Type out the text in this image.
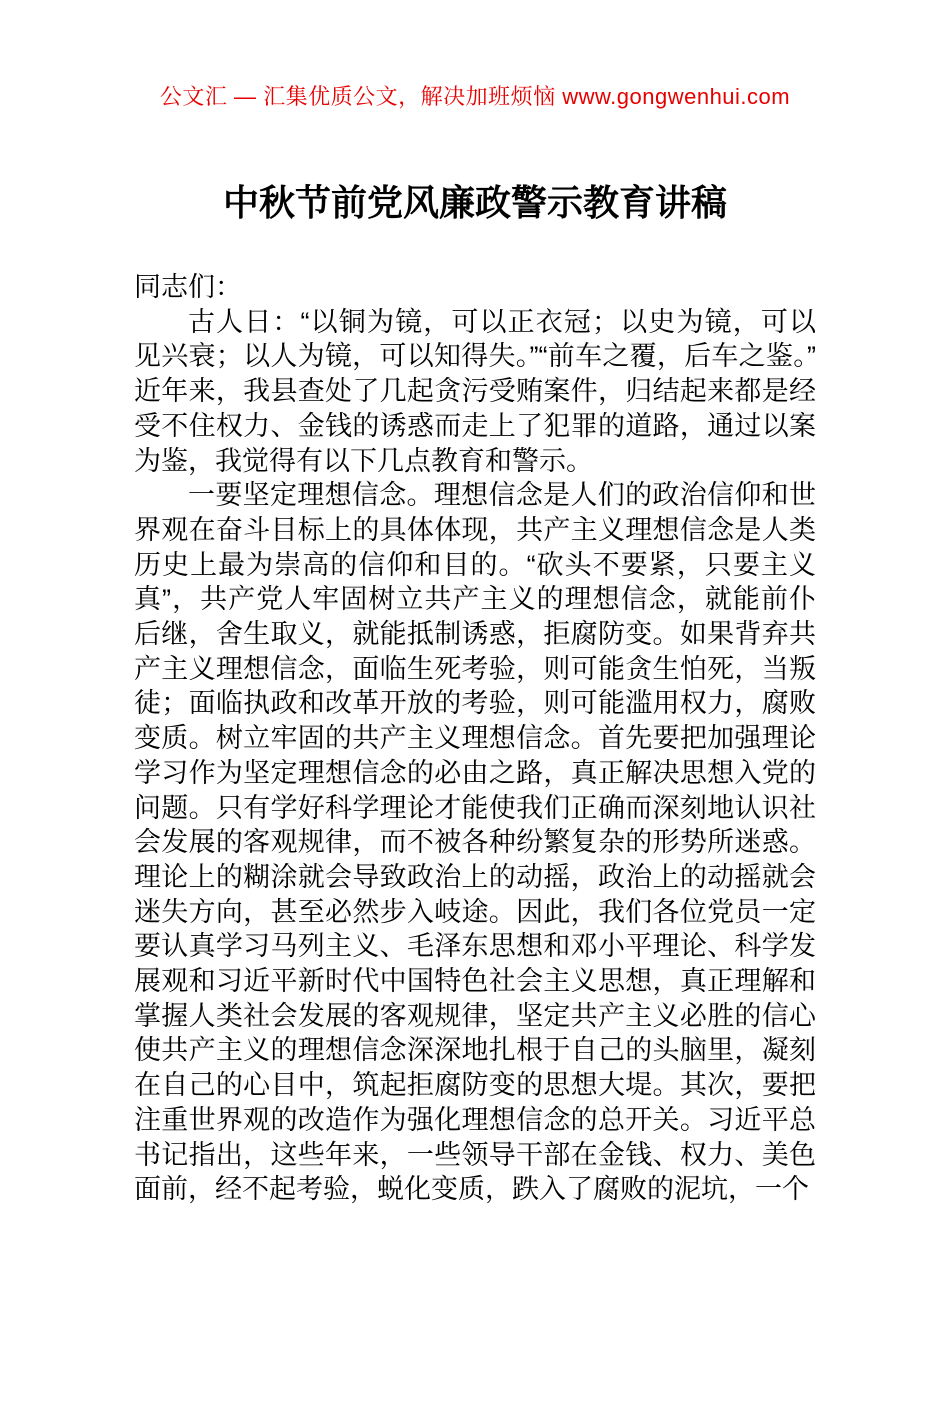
公文汇 — 汇集优质公文，解决加班烦恼 www.gongwenhui.com
中秋节前党风廉政警示教育讲稿

同志们：

古人日：“以铜为镜，可以正衣冠；以史为镜，可以见兴衰；以人为镜，可以知得失。”“前车之覆，后车之鉴。”近年来，我县查处了几起贪污受贿案件，归结起来都是经受不住权力、金钱的诱惑而走上了犯罪的道路，通过以案为鉴，我觉得有以下几点教育和警示。

一要坚定理想信念。理想信念是人们的政治信仰和世界观在奋斗目标上的具体体现，共产主义理想信念是人类历史上最为崇高的信仰和目的。“砍头不要紧，只要主义真”，共产党人牢固树立共产主义的理想信念，就能前仆后继，舍生取义，就能抵制诱惑，拒腐防变。如果背弃共产主义理想信念，面临生死考验，则可能贪生怕死，当叛徒；面临执政和改革开放的考验，则可能滥用权力，腐败变质。树立牢固的共产主义理想信念。首先要把加强理论学习作为坚定理想信念的必由之路，真正解决思想入党的问题。只有学好科学理论才能使我们正确而深刻地认识社会发展的客观规律，而不被各种纷繁复杂的形势所迷惑。理论上的糊涂就会导致政治上的动摇，政治上的动摇就会迷失方向，甚至必然步入岐途。因此，我们各位党员一定要认真学习马列主义、毛泽东思想和邓小平理论、科学发展观和习近平新时代中国特色社会主义思想，真正理解和掌握人类社会发展的客观规律，坚定共产主义必胜的信心使共产主义的理想信念深深地扎根于自己的头脑里，凝刻在自己的心目中，筑起拒腐防变的思想大堤。其次，要把注重世界观的改造作为强化理想信念的总开关。习近平总书记指出，这些年来，一些领导干部在金钱、权力、美色面前，经不起考验，蜕化变质，跌入了腐败的泥坑，一个
